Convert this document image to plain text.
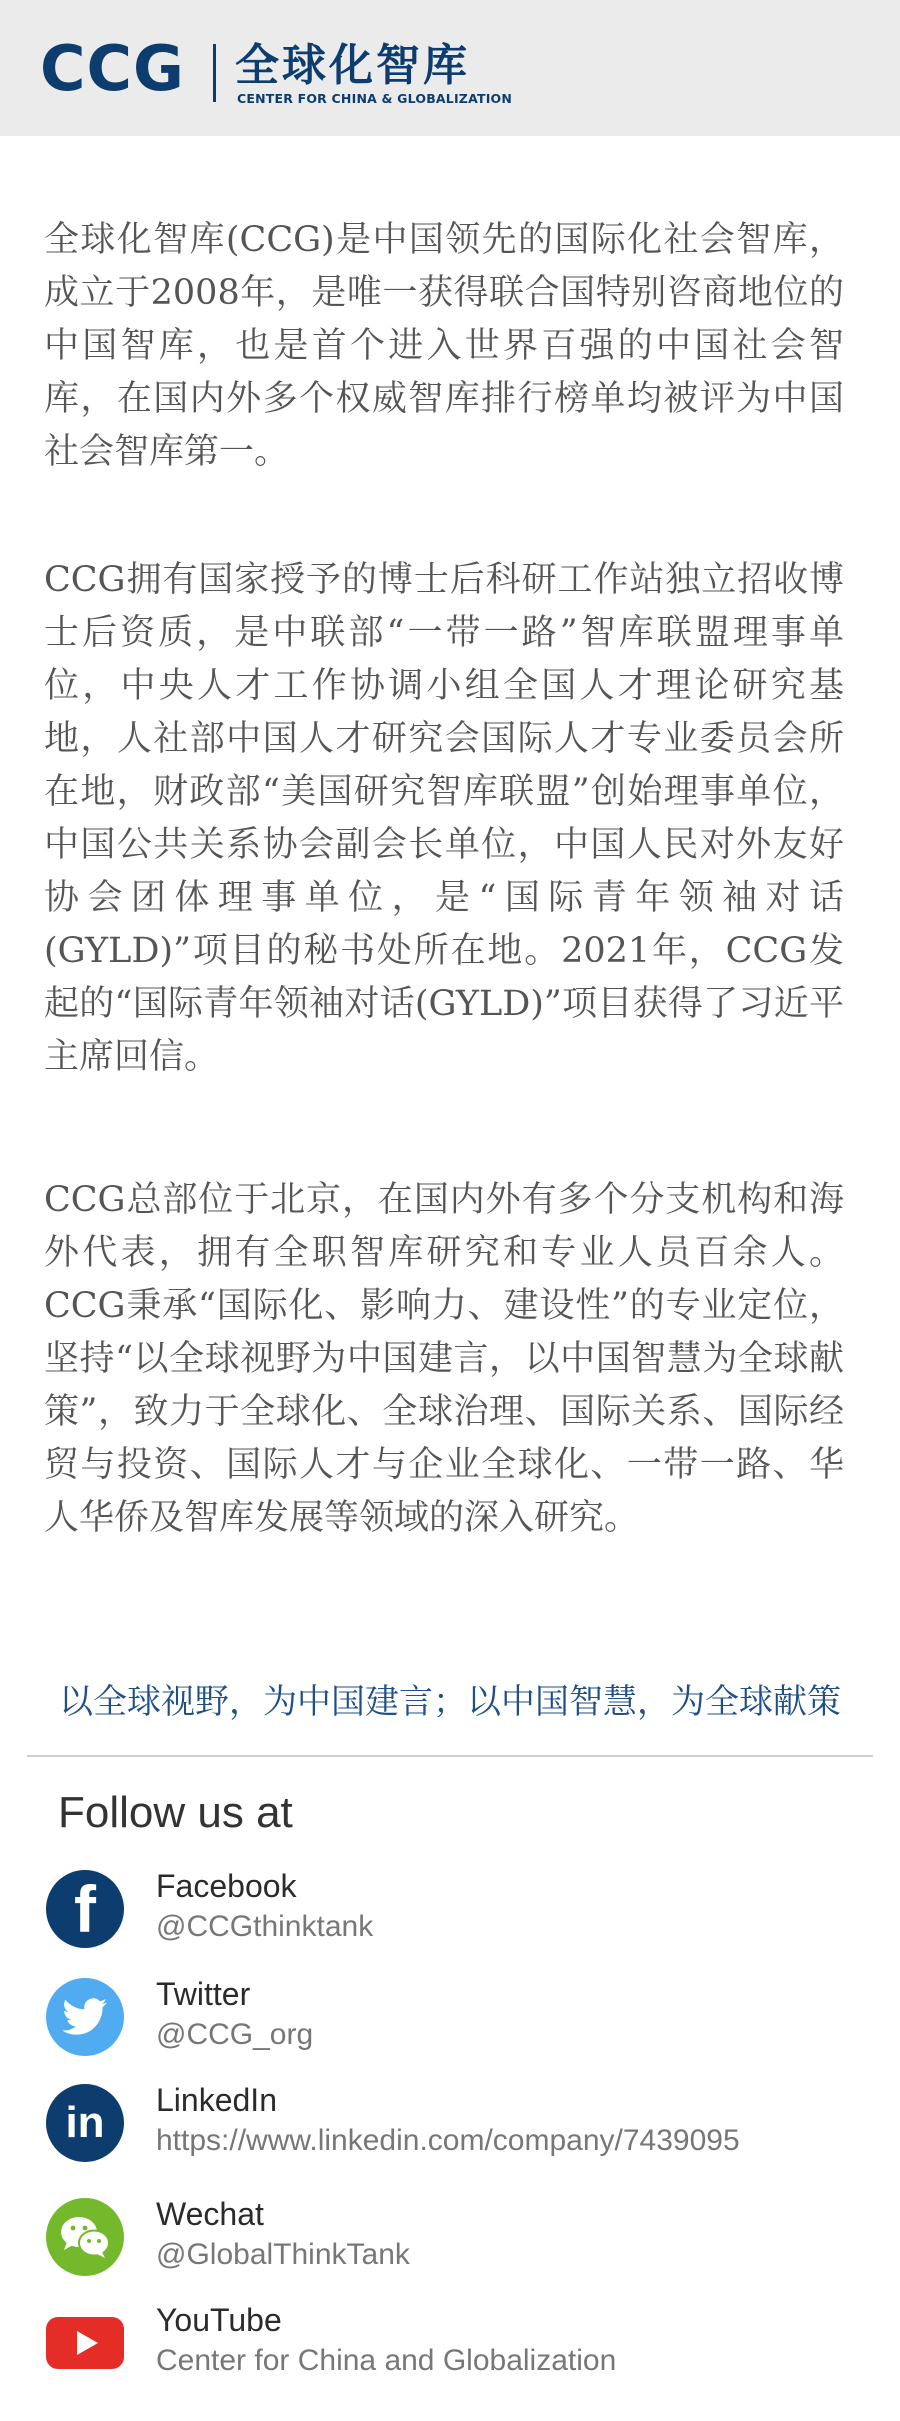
CCG 全球化智库
CENTER FOR CHINA & GLOBALIZATION

全球化智库(CCG)是中国领先的国际化社会智库，成立于2008年，是唯一获得联合国特别咨商地位的中国智库，也是首个进入世界百强的中国社会智库，在国内外多个权威智库排行榜单均被评为中国社会智库第一。

CCG拥有国家授予的博士后科研工作站独立招收博士后资质，是中联部“一带一路”智库联盟理事单位，中央人才工作协调小组全国人才理论研究基地，人社部中国人才研究会国际人才专业委员会所在地，财政部“美国研究智库联盟”创始理事单位，中国公共关系协会副会长单位，中国人民对外友好协会团体理事单位，是“国际青年领袖对话(GYLD)”项目的秘书处所在地。2021年，CCG发起的“国际青年领袖对话(GYLD)”项目获得了习近平主席回信。

CCG总部位于北京，在国内外有多个分支机构和海外代表，拥有全职智库研究和专业人员百余人。CCG秉承“国际化、影响力、建设性”的专业定位，坚持“以全球视野为中国建言，以中国智慧为全球献策”，致力于全球化、全球治理、国际关系、国际经贸与投资、国际人才与企业全球化、一带一路、华人华侨及智库发展等领域的深入研究。

以全球视野，为中国建言；以中国智慧，为全球献策
Follow us at
f	Facebook
@CCGthinktank
Twitter
@CCG_org
in	LinkedIn
https://www.linkedin.com/company/7439095
Wechat
@GlobalThinkTank
YouTube
Center for China and Globalization
